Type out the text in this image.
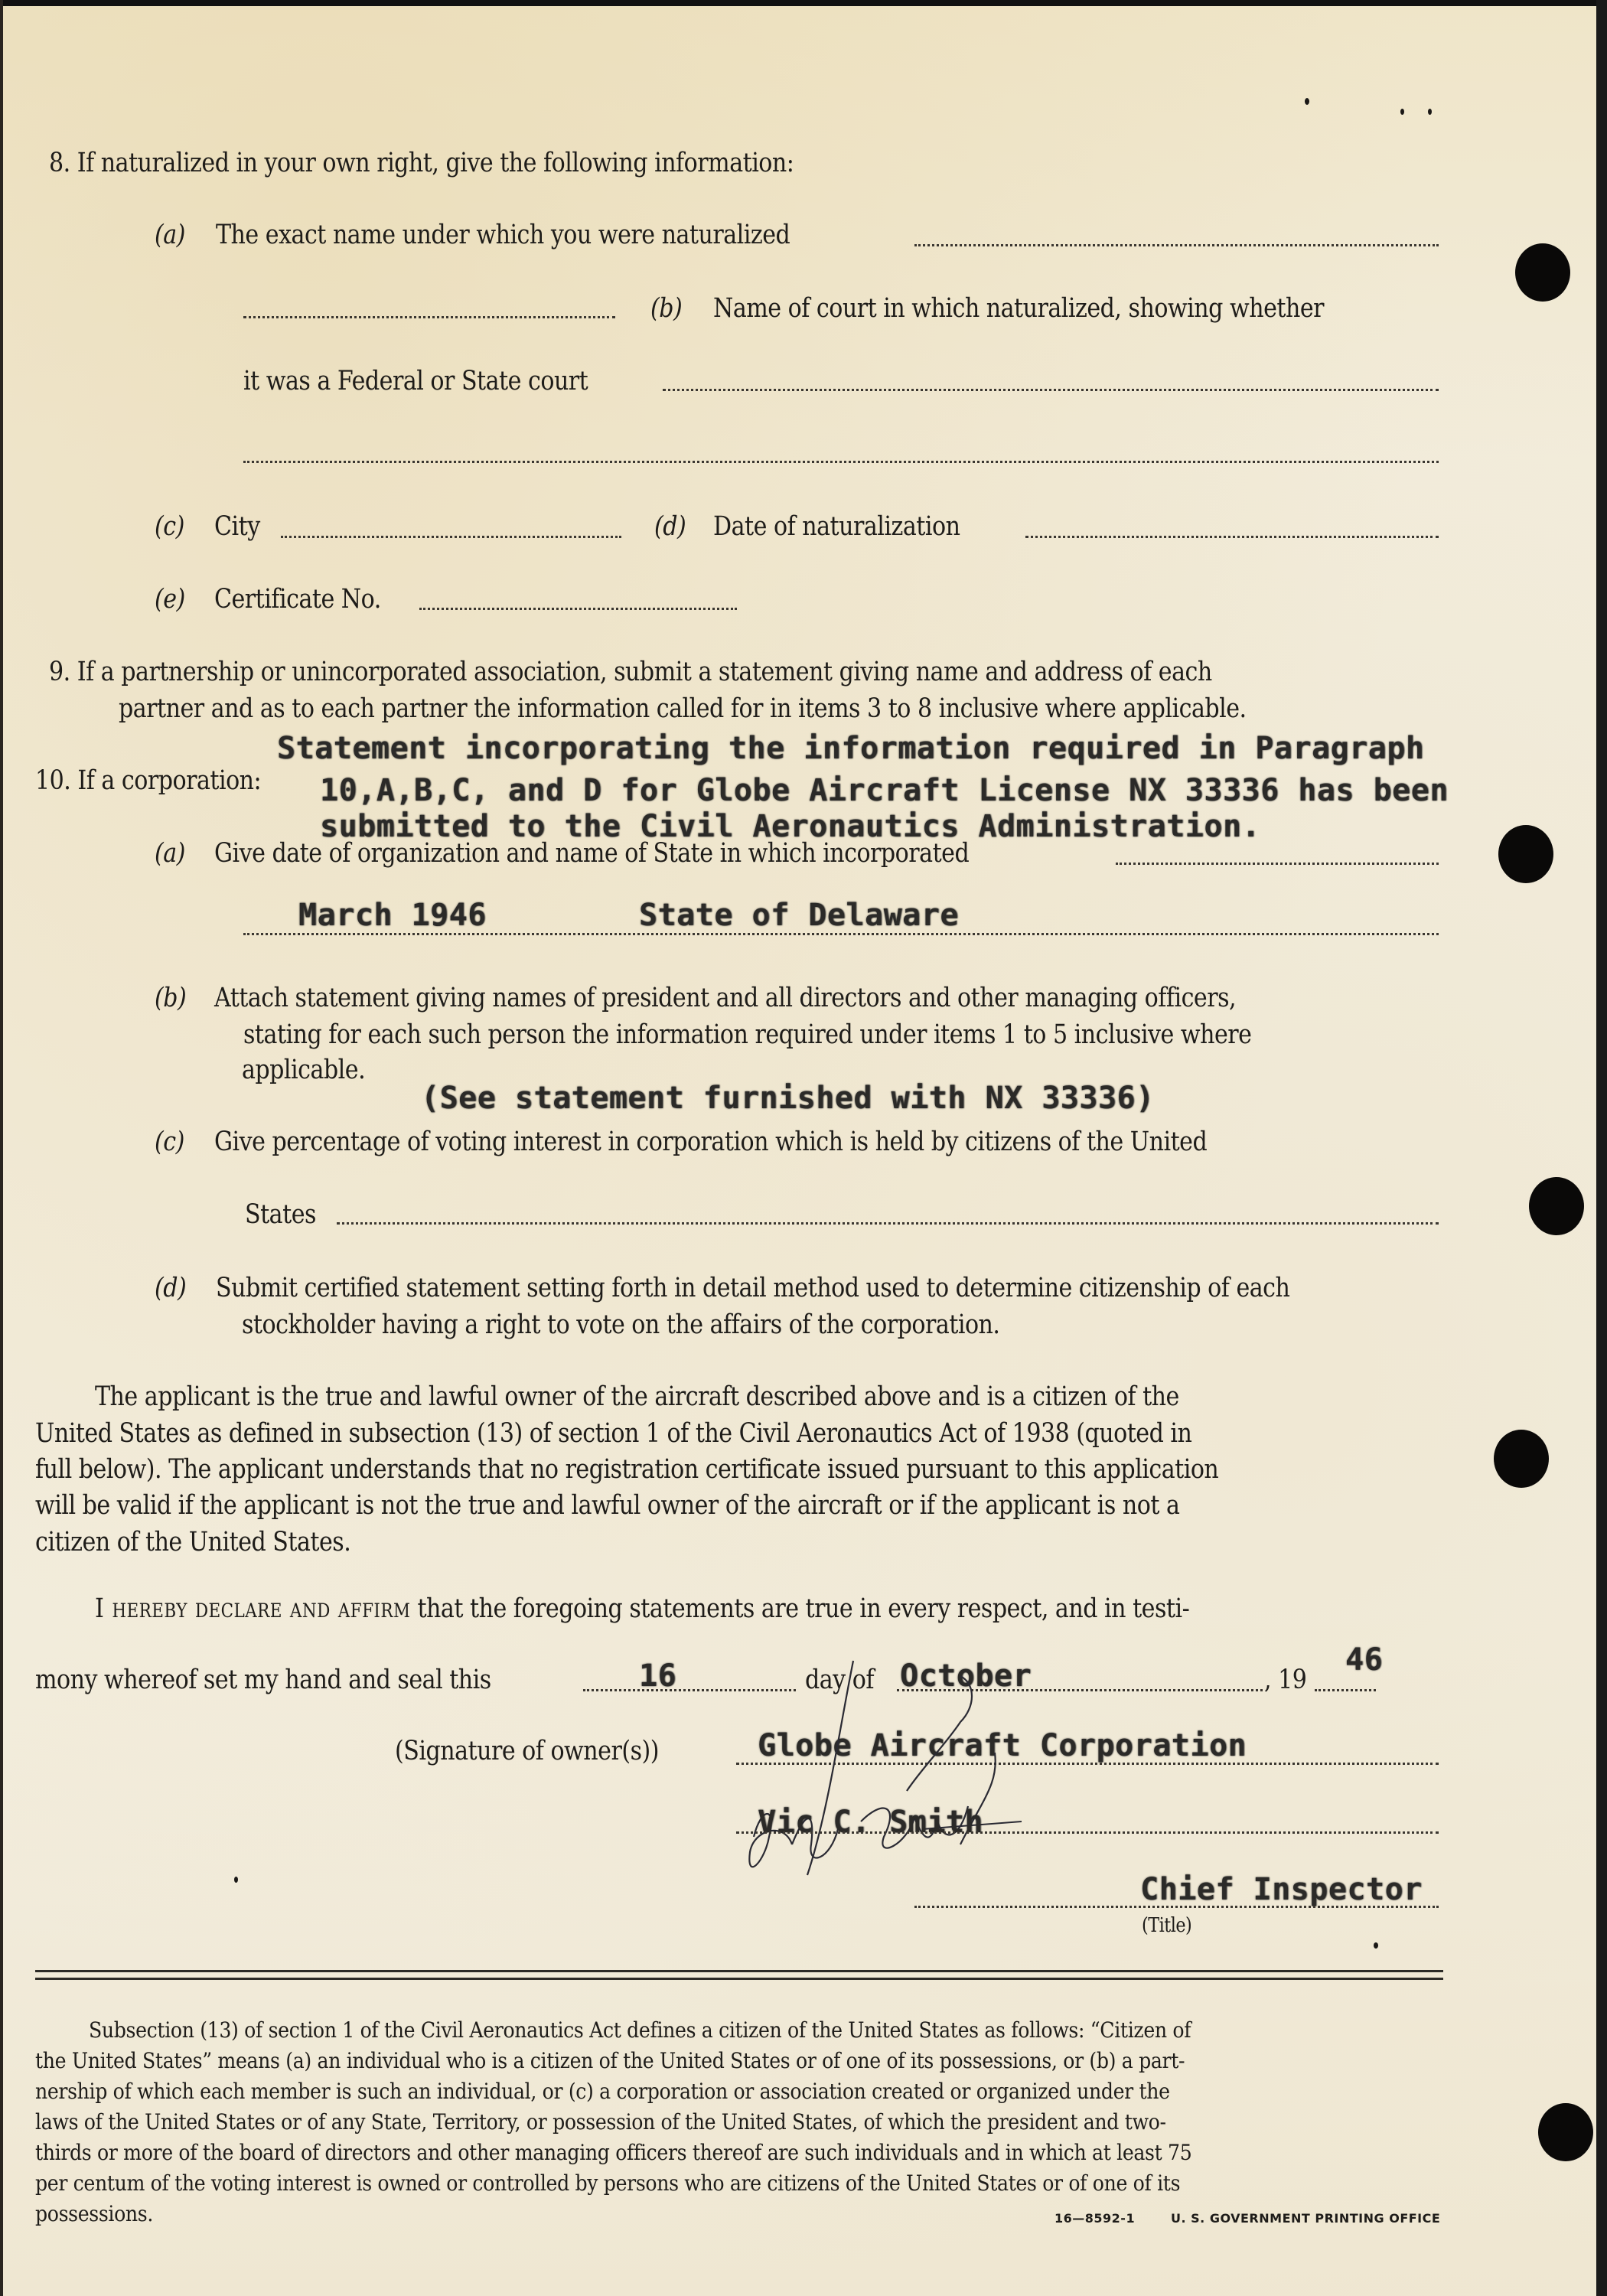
8. If naturalized in your own right, give the following information:
(a) The exact name under which you were naturalized
(b) Name of court in which naturalized, showing whether
it was a Federal or State court
(c) City	(d) Date of naturalization
(e) Certificate No.
9. If a partnership or unincorporated association, submit a statement giving name and address of each
partner and as to each partner the information called for in items 3 to 8 inclusive where applicable.
10. If a corporation:
Statement incorporating the information required in Paragraph
10,A,B,C, and D for Globe Aircraft License NX 33336 has been
submitted to the Civil Aeronautics Administration.
(a) Give date of organization and name of State in which incorporated
March 1946	State of Delaware
(b) Attach statement giving names of president and all directors and other managing officers,
stating for each such person the information required under items 1 to 5 inclusive where
applicable.
(See statement furnished with NX 33336)
(c) Give percentage of voting interest in corporation which is held by citizens of the United
States
(d) Submit certified statement setting forth in detail method used to determine citizenship of each
stockholder having a right to vote on the affairs of the corporation.
The applicant is the true and lawful owner of the aircraft described above and is a citizen of the
United States as defined in subsection (13) of section 1 of the Civil Aeronautics Act of 1938 (quoted in
full below). The applicant understands that no registration certificate issued pursuant to this application
will be valid if the applicant is not the true and lawful owner of the aircraft or if the applicant is not a
citizen of the United States.
I hereby declare and affirm that the foregoing statements are true in every respect, and in testi-
mony whereof set my hand and seal this	16	day of October	, 19
46
(Signature of owner(s))	Globe Aircraft Corporation
Vic C. Smith
Chief Inspector
(Title)
Subsection (13) of section 1 of the Civil Aeronautics Act defines a citizen of the United States as follows: “Citizen of
the United States” means (a) an individual who is a citizen of the United States or of one of its possessions, or (b) a part-
nership of which each member is such an individual, or (c) a corporation or association created or organized under the
laws of the United States or of any State, Territory, or possession of the United States, of which the president and two-
thirds or more of the board of directors and other managing officers thereof are such individuals and in which at least 75
per centum of the voting interest is owned or controlled by persons who are citizens of the United States or of one of its
possessions.	16—8592-1	U. S. GOVERNMENT PRINTING OFFICE
